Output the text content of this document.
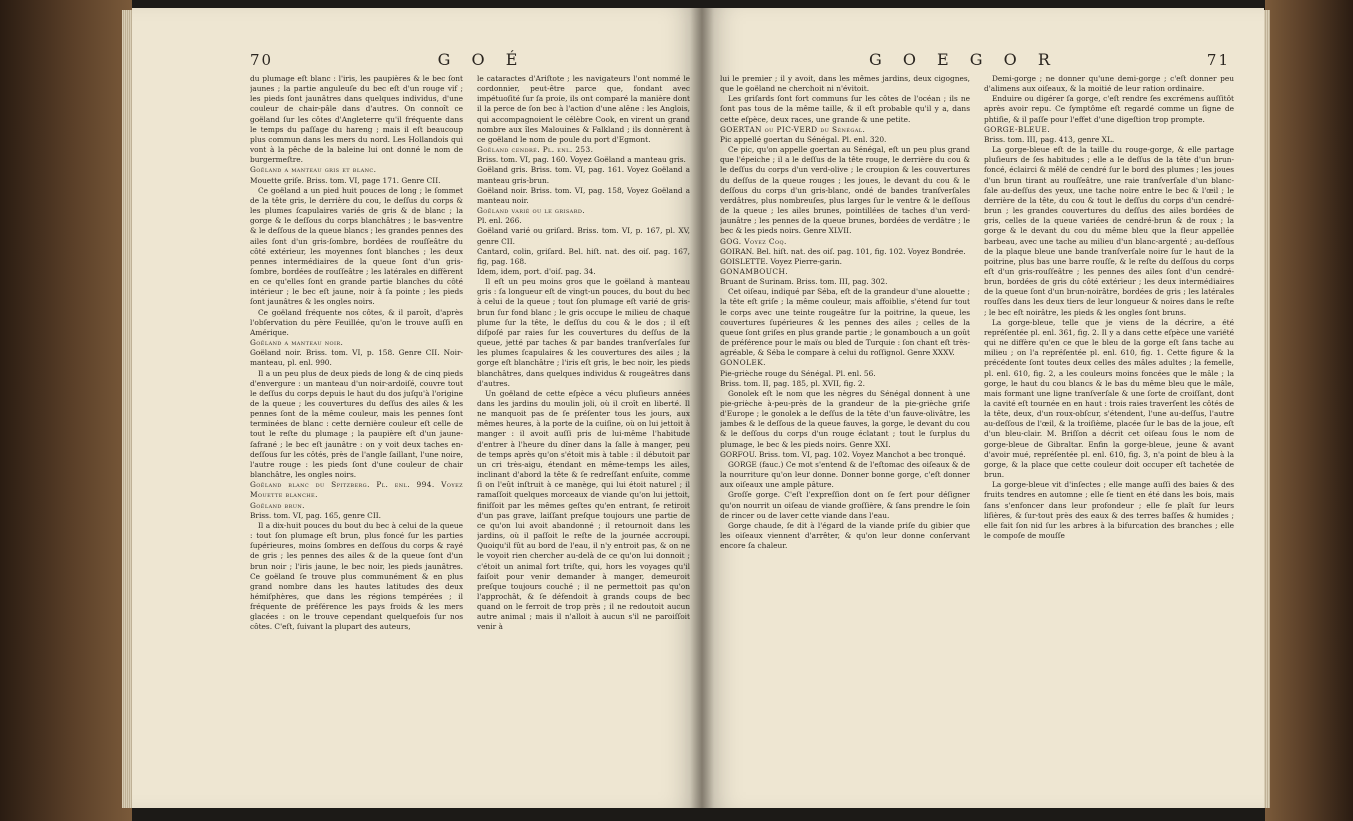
70	G O É

du plumage eſt blanc : l'iris, les paupières & le bec ſont jaunes ; la partie anguleuſe du bec eſt d'un rouge vif ; les pieds ſont jaunâtres dans quelques individus, d'une couleur de chair-pâle dans d'autres. On connoît ce goëland ſur les côtes d'Angleterre qu'il fréquente dans le temps du paſſage du hareng ; mais il eſt beaucoup plus commun dans les mers du nord. Les Hollandois qui vont à la pêche de la baleine lui ont donné le nom de burgermeſtre.

Goëland a manteau gris et blanc.

Mouette griſe. Briss. tom. VI, page 171. Genre CII.

Ce goëland a un pied huit pouces de long ; le ſommet de la tête gris, le derrière du cou, le deſſus du corps & les plumes ſcapulaires variés de gris & de blanc ; la gorge & le deſſous du corps blanchâtres ; le bas-ventre & le deſſous de la queue blancs ; les grandes pennes des ailes ſont d'un gris-ſombre, bordées de rouſſeâtre du côté extérieur, les moyennes ſont blanches ; les deux pennes intermédiaires de la queue ſont d'un gris-ſombre, bordées de rouſſeâtre ; les latérales en diffèrent en ce qu'elles ſont en grande partie blanches du côté intérieur ; le bec eſt jaune, noir à ſa pointe ; les pieds ſont jaunâtres & les ongles noirs.

Ce goëland fréquente nos côtes, & il paroît, d'après l'obſervation du père Feuillée, qu'on le trouve auſſi en Amérique.

Goëland a manteau noir.

Goëland noir. Briss. tom. VI, p. 158. Genre CII. Noir-manteau, pl. enl. 990.

Il a un peu plus de deux pieds de long & de cinq pieds d'envergure : un manteau d'un noir-ardoiſé, couvre tout le deſſus du corps depuis le haut du dos juſqu'à l'origine de la queue ; les couvertures du deſſus des ailes & les pennes ſont de la même couleur, mais les pennes ſont terminées de blanc : cette dernière couleur eſt celle de tout le reſte du plumage ; la paupière eſt d'un jaune-ſafrané ; le bec eſt jaunâtre : on y voit deux taches en-deſſous ſur les côtés, près de l'angle ſaillant, l'une noire, l'autre rouge : les pieds ſont d'une couleur de chair blanchâtre, les ongles noirs.

Goëland blanc du Spitzberg. Pl. enl. 994. Voyez Mouette blanche.

Goëland brun.

Briss. tom. VI, pag. 165, genre CII.

Il a dix-huit pouces du bout du bec à celui de la queue : tout ſon plumage eſt brun, plus foncé ſur les parties ſupérieures, moins ſombres en deſſous du corps & rayé de gris ; les pennes des ailes & de la queue ſont d'un brun noir ; l'iris jaune, le bec noir, les pieds jaunâtres. Ce goëland ſe trouve plus communément & en plus grand nombre dans les hautes latitudes des deux hémiſphères, que dans les régions tempérées ; il fréquente de préférence les pays froids & les mers glacées : on le trouve cependant quelquefois ſur nos côtes. C'eſt, ſuivant la plupart des auteurs,

le cataractes d'Ariſtote ; les navigateurs l'ont nommé le cordonnier, peut-être parce que, fondant avec impétuoſité ſur ſa proie, ils ont comparé la manière dont il la perce de ſon bec à l'action d'une alêne : les Anglois, qui accompagnoient le célèbre Cook, en virent un grand nombre aux îles Malouines & Falkland ; ils donnèrent à ce goëland le nom de poule du port d'Egmont.

Goëland cendré. Pl. enl. 253.

Briss. tom. VI, pag. 160. Voyez Goëland a manteau gris.

Goëland gris. Briss. tom. VI, pag. 161. Voyez Goëland a manteau gris-brun.

Goëland noir. Briss. tom. VI, pag. 158, Voyez Goëland a manteau noir.

Goëland varié ou le grisard.

Pl. enl. 266.

Goëland varié ou griſard. Briss. tom. VI, p. 167, pl. XV, genre CII.

Cantard, colin, griſard. Bel. hiſt. nat. des oiſ. pag. 167, fig, pag. 168.

Idem, idem, port. d'oiſ. pag. 34.

Il eſt un peu moins gros que le goëland à manteau gris : ſa longueur eſt de vingt-un pouces, du bout du bec à celui de la queue ; tout ſon plumage eſt varié de gris-brun ſur fond blanc ; le gris occupe le milieu de chaque plume ſur la tête, le deſſus du cou & le dos ; il eſt diſpoſé par raies ſur les couvertures du deſſus de la queue, jetté par taches & par bandes tranſverſales ſur les plumes ſcapulaires & les couvertures des ailes ; la gorge eſt blanchâtre ; l'iris eſt gris, le bec noir, les pieds blanchâtres, dans quelques individus & rougeâtres dans d'autres.

Un goëland de cette eſpèce a vécu pluſieurs années dans les jardins du moulin joli, où il croît en liberté. Il ne manquoit pas de ſe préſenter tous les jours, aux mêmes heures, à la porte de la cuiſine, où on lui jettoit à manger : il avoit auſſi pris de lui-même l'habitude d'entrer à l'heure du dîner dans la ſalle à manger, peu de temps après qu'on s'étoit mis à table : il débutoit par un cri très-aigu, étendant en même-temps les ailes, inclinant d'abord la tête & ſe redreſſant enſuite, comme ſi on l'eût inſtruit à ce manège, qui lui étoit naturel ; il ramaſſoit quelques morceaux de viande qu'on lui jettoit, finiſſoit par les mêmes geſtes qu'en entrant, ſe retiroit d'un pas grave, laiſſant preſque toujours une partie de ce qu'on lui avoit abandonné ; il retournoit dans les jardins, où il paſſoit le reſte de la journée accroupi. Quoiqu'il fût au bord de l'eau, il n'y entroit pas, & on ne le voyoit rien chercher au-delà de ce qu'on lui donnoit ; c'étoit un animal fort triſte, qui, hors les voyages qu'il faiſoit pour venir demander à manger, demeuroit preſque toujours couché ; il ne permettoit pas qu'on l'approchât, & ſe défendoit à grands coups de bec quand on le ferroit de trop près ; il ne redoutoit aucun autre animal ; mais il n'alloit à aucun s'il ne paroiſſoit venir à

G O E G O R	71

lui le premier ; il y avoit, dans les mêmes jardins, deux cigognes, que le goëland ne cherchoit ni n'évitoit.

Les griſards ſont fort communs ſur les côtes de l'océan ; ils ne ſont pas tous de la même taille, & il eſt probable qu'il y a, dans cette eſpèce, deux races, une grande & une petite.

GOERTAN ou PIC-VERD du Sénégal.

Pic appellé goertan du Sénégal. Pl. enl. 320.

Ce pic, qu'on appelle goertan au Sénégal, eſt un peu plus grand que l'épeiche ; il a le deſſus de la tête rouge, le derrière du cou & le deſſus du corps d'un verd-olive ; le croupion & les couvertures du deſſus de la queue rouges ; les joues, le devant du cou & le deſſous du corps d'un gris-blanc, ondé de bandes tranſverſales verdâtres, plus nombreuſes, plus larges ſur le ventre & le deſſous de la queue ; les ailes brunes, pointillées de taches d'un verd-jaunâtre ; les pennes de la queue brunes, bordées de verdâtre ; le bec & les pieds noirs. Genre XLVII.

GOG. Voyez Coq.

GOIRAN. Bel. hiſt. nat. des oiſ. pag. 101, fig. 102. Voyez Bondrée.

GOISLETTE. Voyez Pierre-garin.

GONAMBOUCH.

Bruant de Surinam. Briss. tom. III, pag. 302.

Cet oiſeau, indiqué par Séba, eſt de la grandeur d'une alouette ; la tête eſt griſe ; la même couleur, mais affoiblie, s'étend ſur tout le corps avec une teinte rougeâtre ſur la poitrine, la queue, les couvertures ſupérieures & les pennes des ailes ; celles de la queue ſont griſes en plus grande partie ; le gonambouch a un goût de préférence pour le maïs ou bled de Turquie : ſon chant eſt très-agréable, & Séba le compare à celui du roſſignol. Genre XXXV.

GONOLEK.

Pie-grièche rouge du Sénégal. Pl. enl. 56.

Briss. tom. II, pag. 185, pl. XVII, fig. 2.

Gonolek eſt le nom que les nègres du Sénégal donnent à une pie-grièche à-peu-près de la grandeur de la pie-grièche griſe d'Europe ; le gonolek a le deſſus de la tête d'un fauve-olivâtre, les jambes & le deſſous de la queue fauves, la gorge, le devant du cou & le deſſous du corps d'un rouge éclatant ; tout le ſurplus du plumage, le bec & les pieds noirs. Genre XXI.

GORFOU. Briss. tom. VI, pag. 102. Voyez Manchot a bec tronqué.

GORGE (fauc.) Ce mot s'entend & de l'eſtomac des oiſeaux & de la nourriture qu'on leur donne. Donner bonne gorge, c'eſt donner aux oiſeaux une ample pâture.

Groſſe gorge. C'eſt l'expreſſion dont on ſe ſert pour déſigner qu'on nourrit un oiſeau de viande groſſière, & ſans prendre le ſoin de rincer ou de laver cette viande dans l'eau.

Gorge chaude, ſe dit à l'égard de la viande priſe du gibier que les oiſeaux viennent d'arrêter, & qu'on leur donne conſervant encore ſa chaleur.

Demi-gorge ; ne donner qu'une demi-gorge ; c'eſt donner peu d'alimens aux oiſeaux, & la moitié de leur ration ordinaire.

Enduire ou digérer ſa gorge, c'eſt rendre ſes excrémens auſſitôt après avoir repu. Ce ſymptôme eſt regardé comme un ſigne de phtiſie, & il paſſe pour l'effet d'une digeſtion trop prompte.

GORGE-BLEUE.

Briss. tom. III, pag. 413, genre XL.

La gorge-bleue eſt de la taille du rouge-gorge, & elle partage pluſieurs de ſes habitudes ; elle a le deſſus de la tête d'un brun-foncé, éclairci & mêlé de cendré ſur le bord des plumes ; les joues d'un brun tirant au rouſſeâtre, une raie tranſverſale d'un blanc-ſale au-deſſus des yeux, une tache noire entre le bec & l'œil ; le derrière de la tête, du cou & tout le deſſus du corps d'un cendré-brun ; les grandes couvertures du deſſus des ailes bordées de gris, celles de la queue variées de cendré-brun & de roux ; la gorge & le devant du cou du même bleu que la fleur appellée barbeau, avec une tache au milieu d'un blanc-argenté ; au-deſſous de la plaque bleue une bande tranſverſale noire ſur le haut de la poitrine, plus bas une barre rouſſe, & le reſte du deſſous du corps eſt d'un gris-rouſſeâtre ; les pennes des ailes ſont d'un cendré-brun, bordées de gris du côté extérieur ; les deux intermédiaires de la queue ſont d'un brun-noirâtre, bordées de gris ; les latérales rouſſes dans les deux tiers de leur longueur & noires dans le reſte ; le bec eſt noirâtre, les pieds & les ongles ſont bruns.

La gorge-bleue, telle que je viens de la décrire, a été repréſentée pl. enl. 361, fig. 2. Il y a dans cette eſpèce une variété qui ne diffère qu'en ce que le bleu de la gorge eſt ſans tache au milieu ; on l'a repréſentée pl. enl. 610, fig. 1. Cette figure & la précédente ſont toutes deux celles des mâles adultes ; la femelle, pl. enl. 610, fig. 2, a les couleurs moins foncées que le mâle ; la gorge, le haut du cou blancs & le bas du même bleu que le mâle, mais formant une ligne tranſverſale & une ſorte de croiſſant, dont la cavité eſt tournée en en haut : trois raies traverſent les côtés de la tête, deux, d'un roux-obſcur, s'étendent, l'une au-deſſus, l'autre au-deſſous de l'œil, & la troiſième, placée ſur le bas de la joue, eſt d'un bleu-clair. M. Briſſon a décrit cet oiſeau ſous le nom de gorge-bleue de Gibraltar. Enfin la gorge-bleue, jeune & avant d'avoir mué, repréſentée pl. enl. 610, fig. 3, n'a point de bleu à la gorge, & la place que cette couleur doit occuper eſt tachetée de brun.

La gorge-bleue vit d'inſectes ; elle mange auſſi des baies & des fruits tendres en automne ; elle ſe tient en été dans les bois, mais ſans s'enfoncer dans leur profondeur ; elle ſe plaît ſur leurs liſières, & ſur-tout près des eaux & des terres baſſes & humides ; elle fait ſon nid ſur les arbres à la bifurcation des branches ; elle le compoſe de mouſſe
